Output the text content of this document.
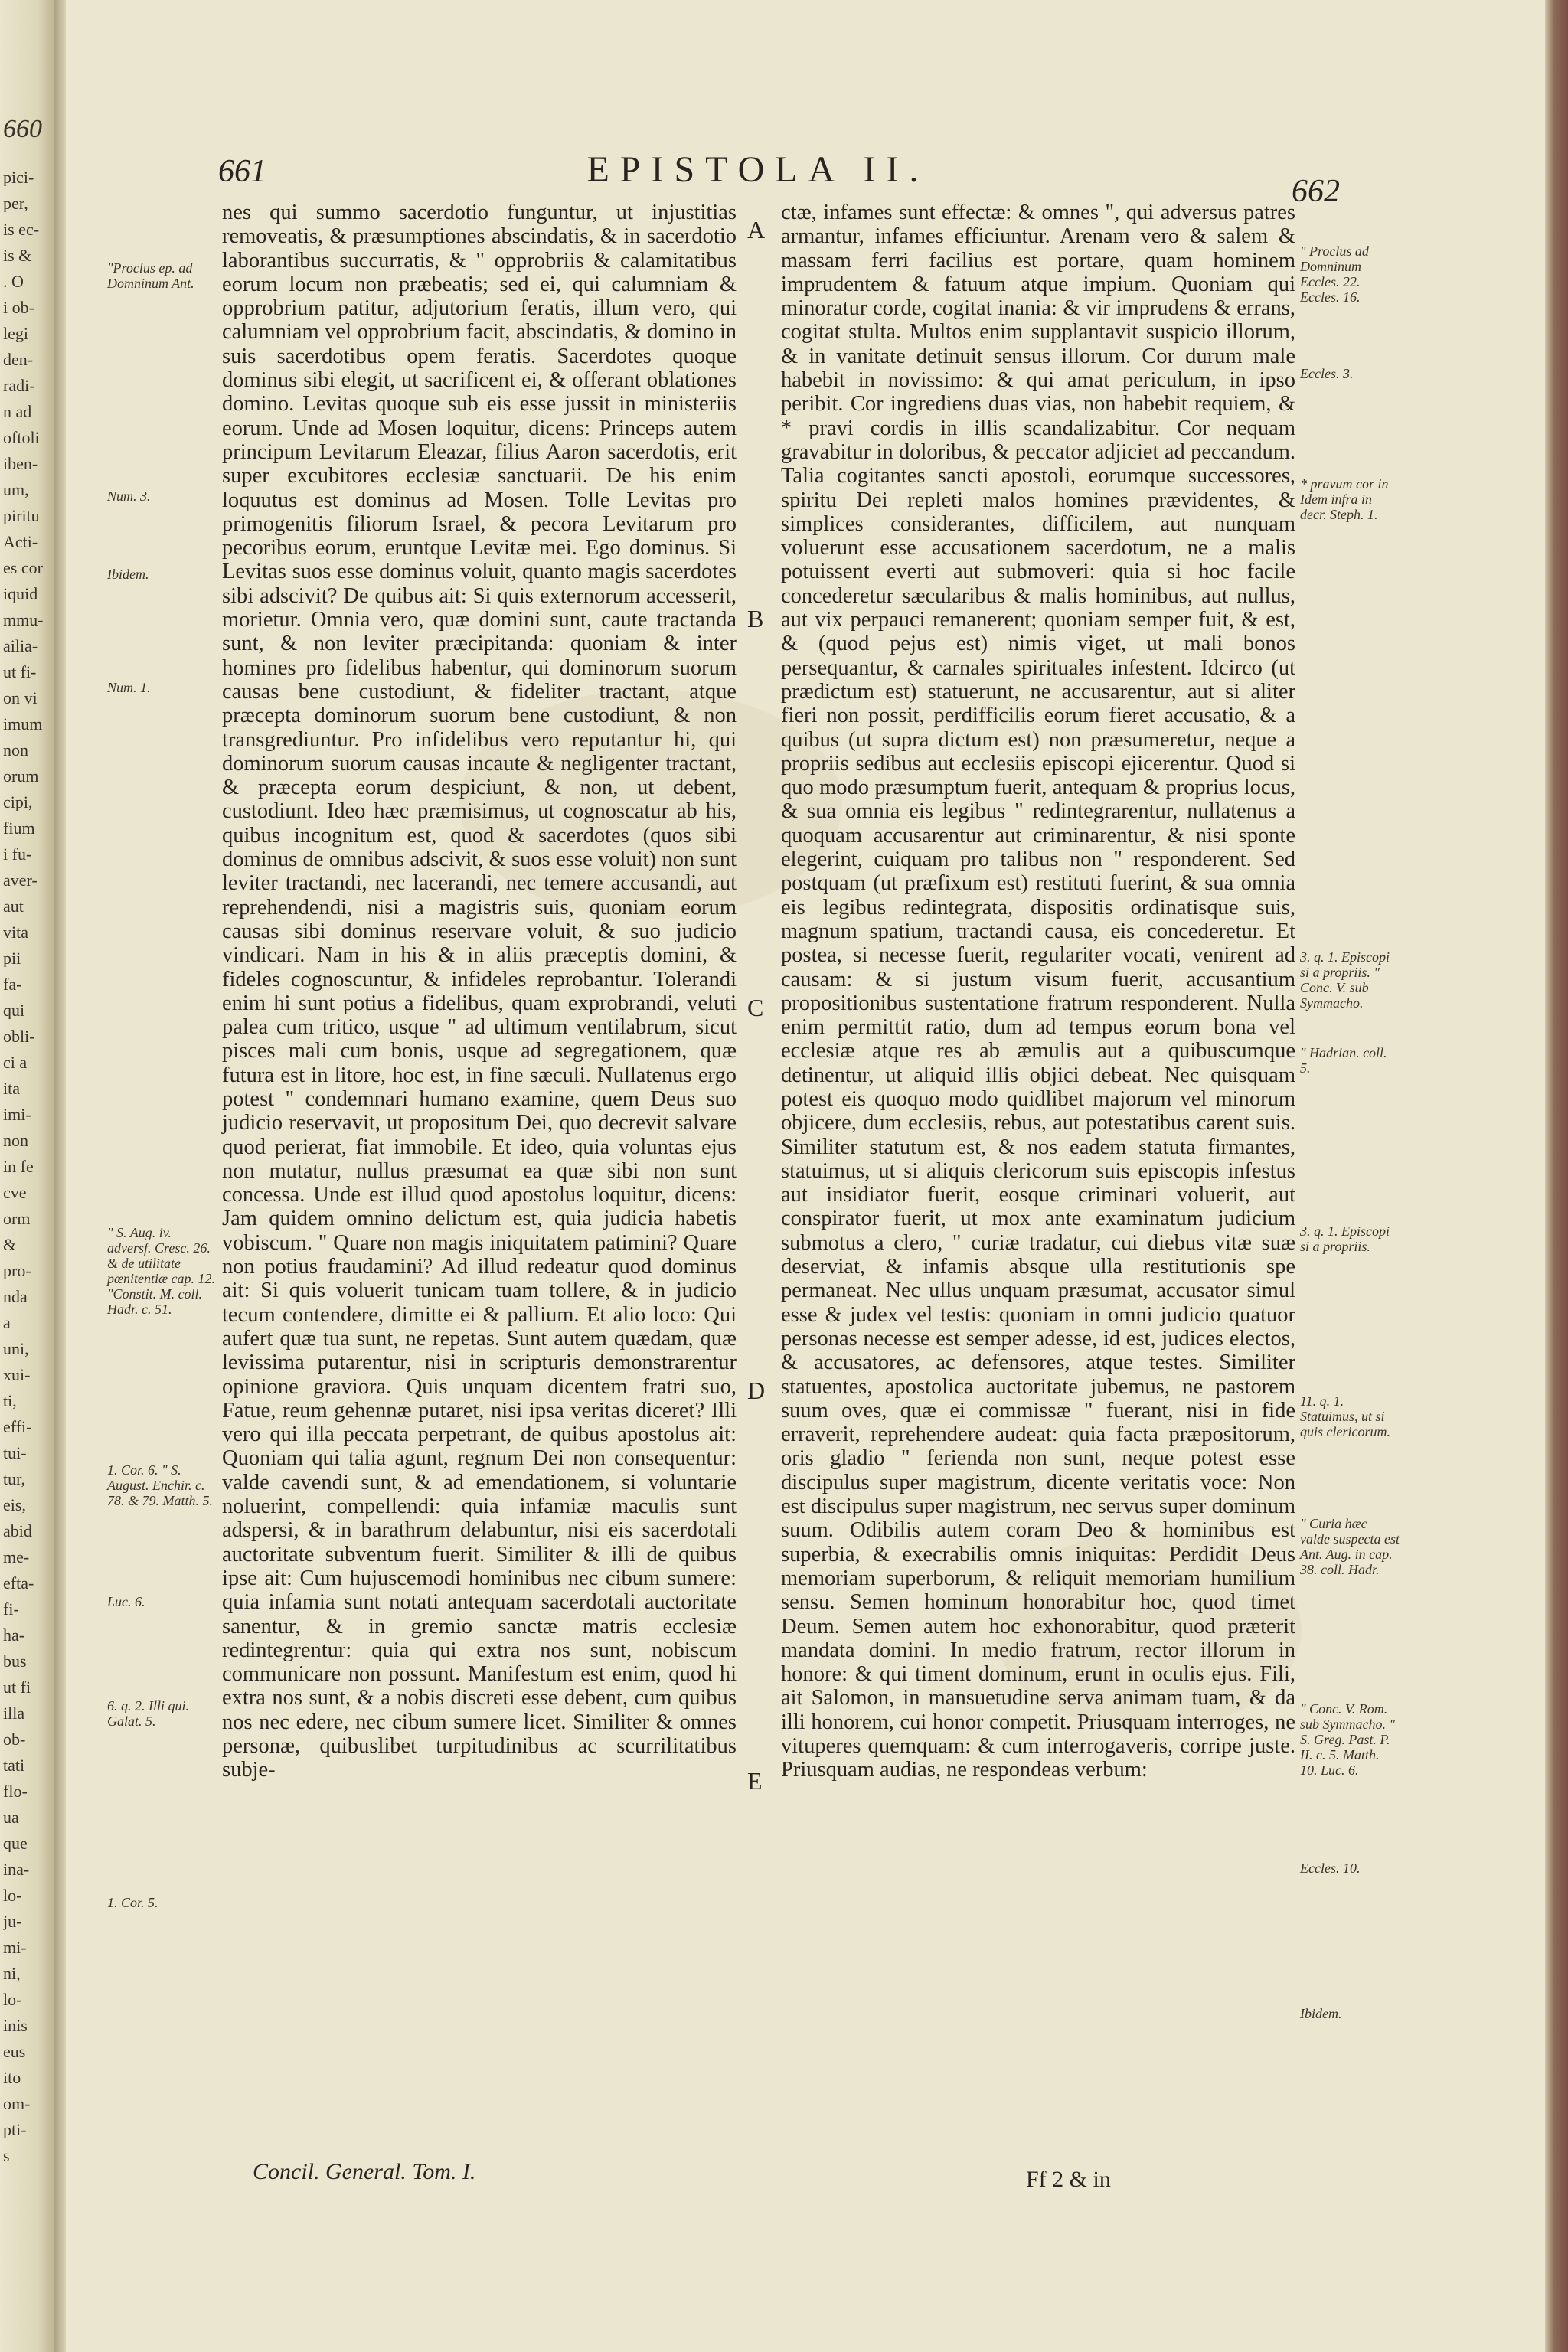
660
pici-
per,
is ec-
is &
. O
i ob-
legi
den-
radi-
n ad
oftoli
iben-
um,
piritu
Acti-
es cor
iquid
mmu-
ailia-
ut fi-
on vi
imum
non
orum
cipi,
fium
i fu-
aver-
aut
vita
pii
fa-
qui
obli-
ci a
ita
imi-
non
in fe
cve
orm
&
pro-
nda
a
uni,
xui-
ti,
effi-
tui-
tur,
eis,
abid
me-
efta-
fi-
ha-
bus
ut fi
illa
ob-
tati
flo-
ua
que
ina-
lo-
ju-
mi-
ni,
lo-
inis
eus
ito
om-
pti-
s
661	EPISTOLA II.
662

nes qui summo sacerdotio funguntur, ut injustitias removeatis, & præsumptiones abscindatis, & in sacerdotio laborantibus succurratis, & " opprobriis & calamitatibus eorum locum non præbeatis; sed ei, qui calumniam & opprobrium patitur, adjutorium feratis, illum vero, qui calumniam vel opprobrium facit, abscindatis, & domino in suis sacerdotibus opem feratis. Sacerdotes quoque dominus sibi elegit, ut sacrificent ei, & offerant oblationes domino. Levitas quoque sub eis esse jussit in ministeriis eorum. Unde ad Mosen loquitur, dicens: Princeps autem principum Levitarum Eleazar, filius Aaron sacerdotis, erit super excubitores ecclesiæ sanctuarii. De his enim loquutus est dominus ad Mosen. Tolle Levitas pro primogenitis filiorum Israel, & pecora Levitarum pro pecoribus eorum, eruntque Levitæ mei. Ego dominus. Si Levitas suos esse dominus voluit, quanto magis sacerdotes sibi adscivit? De quibus ait: Si quis externorum accesserit, morietur. Omnia vero, quæ domini sunt, caute tractanda sunt, & non leviter præcipitanda: quoniam & inter homines pro fidelibus habentur, qui dominorum suorum causas bene custodiunt, & fideliter tractant, atque præcepta dominorum suorum bene custodiunt, & non transgrediuntur. Pro infidelibus vero reputantur hi, qui dominorum suorum causas incaute & negligenter tractant, & præcepta eorum despiciunt, & non, ut debent, custodiunt. Ideo hæc præmisimus, ut cognoscatur ab his, quibus incognitum est, quod & sacerdotes (quos sibi dominus de omnibus adscivit, & suos esse voluit) non sunt leviter tractandi, nec lacerandi, nec temere accusandi, aut reprehendendi, nisi a magistris suis, quoniam eorum causas sibi dominus reservare voluit, & suo judicio vindicari. Nam in his & in aliis præceptis domini, & fideles cognoscuntur, & infideles reprobantur. Tolerandi enim hi sunt potius a fidelibus, quam exprobrandi, veluti palea cum tritico, usque " ad ultimum ventilabrum, sicut pisces mali cum bonis, usque ad segregationem, quæ futura est in litore, hoc est, in fine sæculi. Nullatenus ergo potest " condemnari humano examine, quem Deus suo judicio reservavit, ut propositum Dei, quo decrevit salvare quod perierat, fiat immobile. Et ideo, quia voluntas ejus non mutatur, nullus præsumat ea quæ sibi non sunt concessa. Unde est illud quod apostolus loquitur, dicens: Jam quidem omnino delictum est, quia judicia habetis vobiscum. " Quare non magis iniquitatem patimini? Quare non potius fraudamini? Ad illud redeatur quod dominus ait: Si quis voluerit tunicam tuam tollere, & in judicio tecum contendere, dimitte ei & pallium. Et alio loco: Qui aufert quæ tua sunt, ne repetas. Sunt autem quædam, quæ levissima putarentur, nisi in scripturis demonstrarentur opinione graviora. Quis unquam dicentem fratri suo, Fatue, reum gehennæ putaret, nisi ipsa veritas diceret? Illi vero qui illa peccata perpetrant, de quibus apostolus ait: Quoniam qui talia agunt, regnum Dei non consequentur: valde cavendi sunt, & ad emendationem, si voluntarie noluerint, compellendi: quia infamiæ maculis sunt adspersi, & in barathrum delabuntur, nisi eis sacerdotali auctoritate subventum fuerit. Similiter & illi de quibus ipse ait: Cum hujuscemodi hominibus nec cibum sumere: quia infamia sunt notati antequam sacerdotali auctoritate sanentur, & in gremio sanctæ matris ecclesiæ redintegrentur: quia qui extra nos sunt, nobiscum communicare non possunt. Manifestum est enim, quod hi extra nos sunt, & a nobis discreti esse debent, cum quibus nos nec edere, nec cibum sumere licet. Similiter & omnes personæ, quibuslibet turpitudinibus ac scurrilitatibus subje-

ctæ, infames sunt effectæ: & omnes ", qui adversus patres armantur, infames efficiuntur. Arenam vero & salem & massam ferri facilius est portare, quam hominem imprudentem & fatuum atque impium. Quoniam qui minoratur corde, cogitat inania: & vir imprudens & errans, cogitat stulta. Multos enim supplantavit suspicio illorum, & in vanitate detinuit sensus illorum. Cor durum male habebit in novissimo: & qui amat periculum, in ipso peribit. Cor ingrediens duas vias, non habebit requiem, & * pravi cordis in illis scandalizabitur. Cor nequam gravabitur in doloribus, & peccator adjiciet ad peccandum. Talia cogitantes sancti apostoli, eorumque successores, spiritu Dei repleti malos homines prævidentes, & simplices considerantes, difficilem, aut nunquam voluerunt esse accusationem sacerdotum, ne a malis potuissent everti aut submoveri: quia si hoc facile concederetur sæcularibus & malis hominibus, aut nullus, aut vix perpauci remanerent; quoniam semper fuit, & est, & (quod pejus est) nimis viget, ut mali bonos persequantur, & carnales spirituales infestent. Idcirco (ut prædictum est) statuerunt, ne accusarentur, aut si aliter fieri non possit, perdifficilis eorum fieret accusatio, & a quibus (ut supra dictum est) non præsumeretur, neque a propriis sedibus aut ecclesiis episcopi ejicerentur. Quod si quo modo præsumptum fuerit, antequam & proprius locus, & sua omnia eis legibus " redintegrarentur, nullatenus a quoquam accusarentur aut criminarentur, & nisi sponte elegerint, cuiquam pro talibus non " responderent. Sed postquam (ut præfixum est) restituti fuerint, & sua omnia eis legibus redintegrata, dispositis ordinatisque suis, magnum spatium, tractandi causa, eis concederetur. Et postea, si necesse fuerit, regulariter vocati, venirent ad causam: & si justum visum fuerit, accusantium propositionibus sustentatione fratrum responderent. Nulla enim permittit ratio, dum ad tempus eorum bona vel ecclesiæ atque res ab æmulis aut a quibuscumque detinentur, ut aliquid illis objici debeat. Nec quisquam potest eis quoquo modo quidlibet majorum vel minorum objicere, dum ecclesiis, rebus, aut potestatibus carent suis. Similiter statutum est, & nos eadem statuta firmantes, statuimus, ut si aliquis clericorum suis episcopis infestus aut insidiator fuerit, eosque criminari voluerit, aut conspirator fuerit, ut mox ante examinatum judicium submotus a clero, " curiæ tradatur, cui diebus vitæ suæ deserviat, & infamis absque ulla restitutionis spe permaneat. Nec ullus unquam præsumat, accusator simul esse & judex vel testis: quoniam in omni judicio quatuor personas necesse est semper adesse, id est, judices electos, & accusatores, ac defensores, atque testes. Similiter statuentes, apostolica auctoritate jubemus, ne pastorem suum oves, quæ ei commissæ " fuerant, nisi in fide erraverit, reprehendere audeat: quia facta præpositorum, oris gladio " ferienda non sunt, neque potest esse discipulus super magistrum, dicente veritatis voce: Non est discipulus super magistrum, nec servus super dominum suum. Odibilis autem coram Deo & hominibus est superbia, & execrabilis omnis iniquitas: Perdidit Deus memoriam superborum, & reliquit memoriam humilium sensu. Semen hominum honorabitur hoc, quod timet Deum. Semen autem hoc exhonorabitur, quod præterit mandata domini. In medio fratrum, rector illorum in honore: & qui timent dominum, erunt in oculis ejus. Fili, ait Salomon, in mansuetudine serva animam tuam, & da illi honorem, cui honor competit. Priusquam interroges, ne vituperes quemquam: & cum interrogaveris, corripe juste. Priusquam audias, ne respondeas verbum:

"Proclus ep. ad Domninum Ant.
Num. 3.
Ibidem.
Num. 1.
" S. Aug. iv. adversf. Cresc. 26. & de utilitate pœnitentiæ cap. 12. "Constit. M. coll. Hadr. c. 51.
1. Cor. 6. " S. August. Enchir. c. 78. & 79. Matth. 5.
Luc. 6.
6. q. 2. Illi qui. Galat. 5.
1. Cor. 5.
" Proclus ad Domninum Eccles. 22. Eccles. 16.
Eccles. 3.
* pravum cor in Idem infra in decr. Steph. 1.
3. q. 1. Episcopi si a propriis. " Conc. V. sub Symmacho.
" Hadrian. coll. 5.
3. q. 1. Episcopi si a propriis.
11. q. 1. Statuimus, ut si quis clericorum.
" Curia hæc valde suspecta est Ant. Aug. in cap. 38. coll. Hadr.
" Conc. V. Rom. sub Symmacho. " S. Greg. Past. P. II. c. 5. Matth. 10. Luc. 6.
Eccles. 10.
Ibidem.
A
B
C
D
E
Concil. General. Tom. I.	Ff 2 & in
